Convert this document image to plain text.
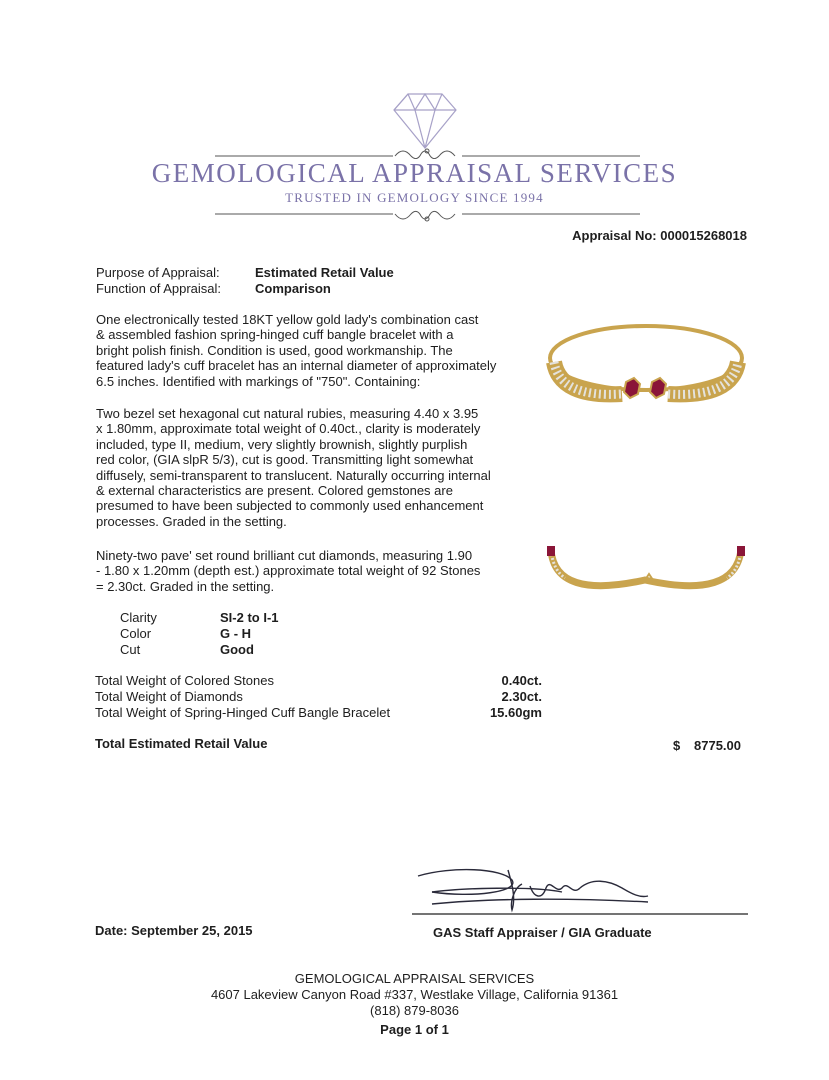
GEMOLOGICAL APPRAISAL SERVICES
TRUSTED IN GEMOLOGY SINCE 1994
Appraisal No: 000015268018
Purpose of Appraisal:	Estimated Retail Value
Function of Appraisal:	Comparison

One electronically tested 18KT yellow gold lady's combination cast

& assembled fashion spring-hinged cuff bangle bracelet with a

bright polish finish. Condition is used, good workmanship. The

featured lady's cuff bracelet has an internal diameter of approximately

6.5 inches. Identified with markings of "750". Containing:

Two bezel set hexagonal cut natural rubies, measuring 4.40 x 3.95

x 1.80mm, approximate total weight of 0.40ct., clarity is moderately

included, type II, medium, very slightly brownish, slightly purplish

red color, (GIA slpR 5/3), cut is good. Transmitting light somewhat

diffusely, semi-transparent to translucent. Naturally occurring internal

& external characteristics are present. Colored gemstones are

presumed to have been subjected to commonly used enhancement

processes. Graded in the setting.

Ninety-two pave' set round brilliant cut diamonds, measuring 1.90

- 1.80 x 1.20mm (depth est.) approximate total weight of 92 Stones

= 2.30ct. Graded in the setting.

Clarity	SI-2 to I-1
Color	G - H
Cut	Good
Total Weight of Colored Stones	0.40ct.
Total Weight of Diamonds	2.30ct.
Total Weight of Spring-Hinged Cuff Bangle Bracelet	15.60gm
Total Estimated Retail Value	$ 8775.00
Date: September 25, 2015	GAS Staff Appraiser / GIA Graduate
GEMOLOGICAL APPRAISAL SERVICES
4607 Lakeview Canyon Road #337, Westlake Village, California 91361
(818) 879-8036
Page 1 of 1
